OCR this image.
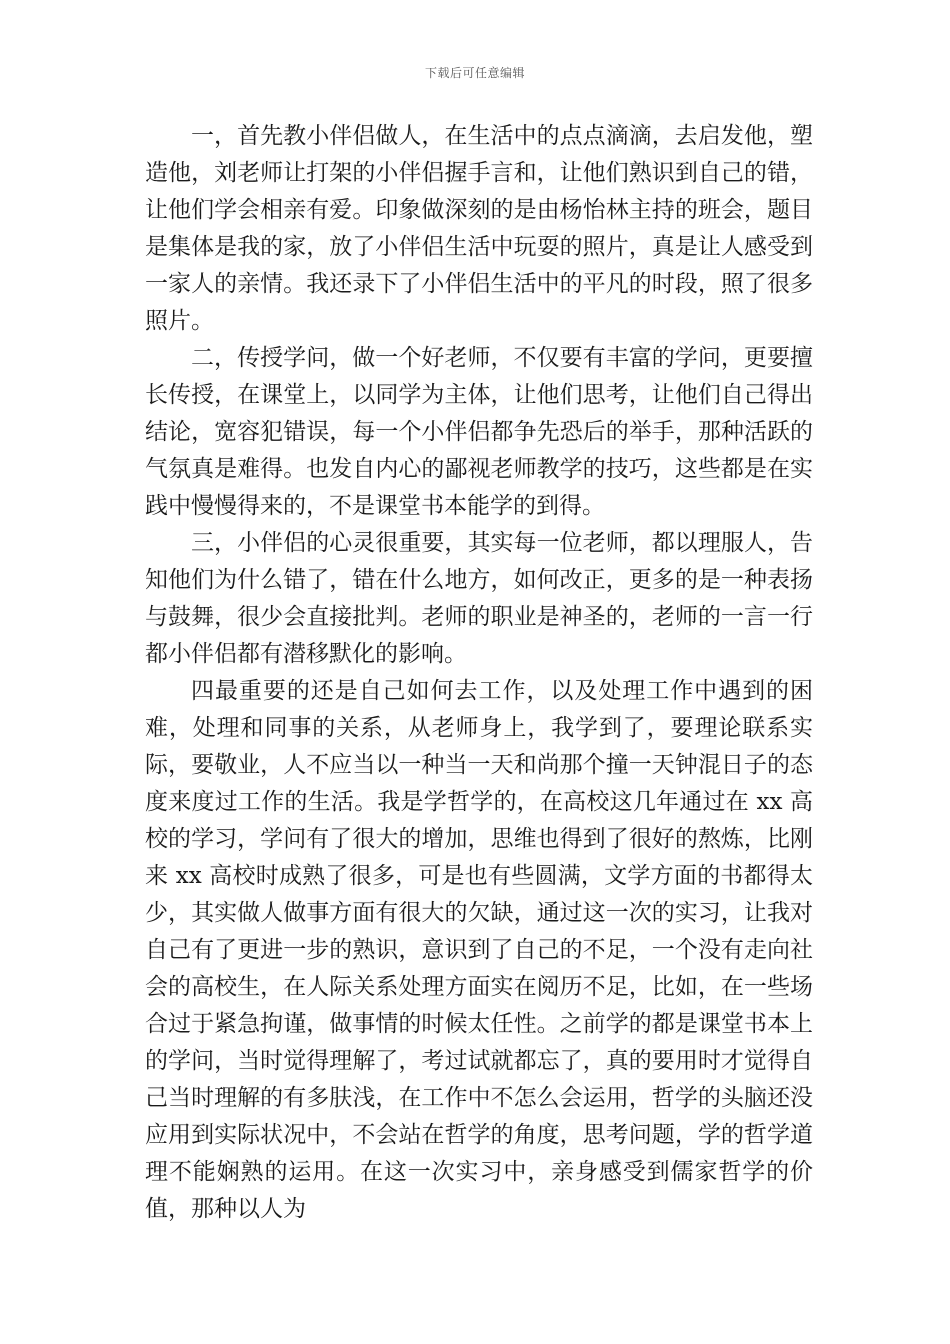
下载后可任意编辑

一，首先教小伴侣做人，在生活中的点点滴滴，去启发他，塑造他，刘老师让打架的小伴侣握手言和，让他们熟识到自己的错，让他们学会相亲有爱。印象做深刻的是由杨怡林主持的班会，题目是集体是我的家，放了小伴侣生活中玩耍的照片，真是让人感受到一家人的亲情。我还录下了小伴侣生活中的平凡的时段，照了很多照片。

二，传授学问，做一个好老师，不仅要有丰富的学问，更要擅长传授，在课堂上，以同学为主体，让他们思考，让他们自己得出结论，宽容犯错误，每一个小伴侣都争先恐后的举手，那种活跃的气氛真是难得。也发自内心的鄙视老师教学的技巧，这些都是在实践中慢慢得来的，不是课堂书本能学的到得。

三，小伴侣的心灵很重要，其实每一位老师，都以理服人，告知他们为什么错了，错在什么地方，如何改正，更多的是一种表扬与鼓舞，很少会直接批判。老师的职业是神圣的，老师的一言一行都小伴侣都有潜移默化的影响。

四最重要的还是自己如何去工作，以及处理工作中遇到的困难，处理和同事的关系，从老师身上，我学到了，要理论联系实际，要敬业，人不应当以一种当一天和尚那个撞一天钟混日子的态度来度过工作的生活。我是学哲学的，在高校这几年通过在 xx 高校的学习，学问有了很大的增加，思维也得到了很好的熬炼，比刚来 xx 高校时成熟了很多，可是也有些圆满，文学方面的书都得太少，其实做人做事方面有很大的欠缺，通过这一次的实习，让我对自己有了更进一步的熟识，意识到了自己的不足，一个没有走向社会的高校生，在人际关系处理方面实在阅历不足，比如，在一些场合过于紧急拘谨，做事情的时候太任性。之前学的都是课堂书本上的学问，当时觉得理解了，考过试就都忘了，真的要用时才觉得自己当时理解的有多肤浅，在工作中不怎么会运用，哲学的头脑还没应用到实际状况中，不会站在哲学的角度，思考问题，学的哲学道理不能娴熟的运用。在这一次实习中，亲身感受到儒家哲学的价值，那种以人为
